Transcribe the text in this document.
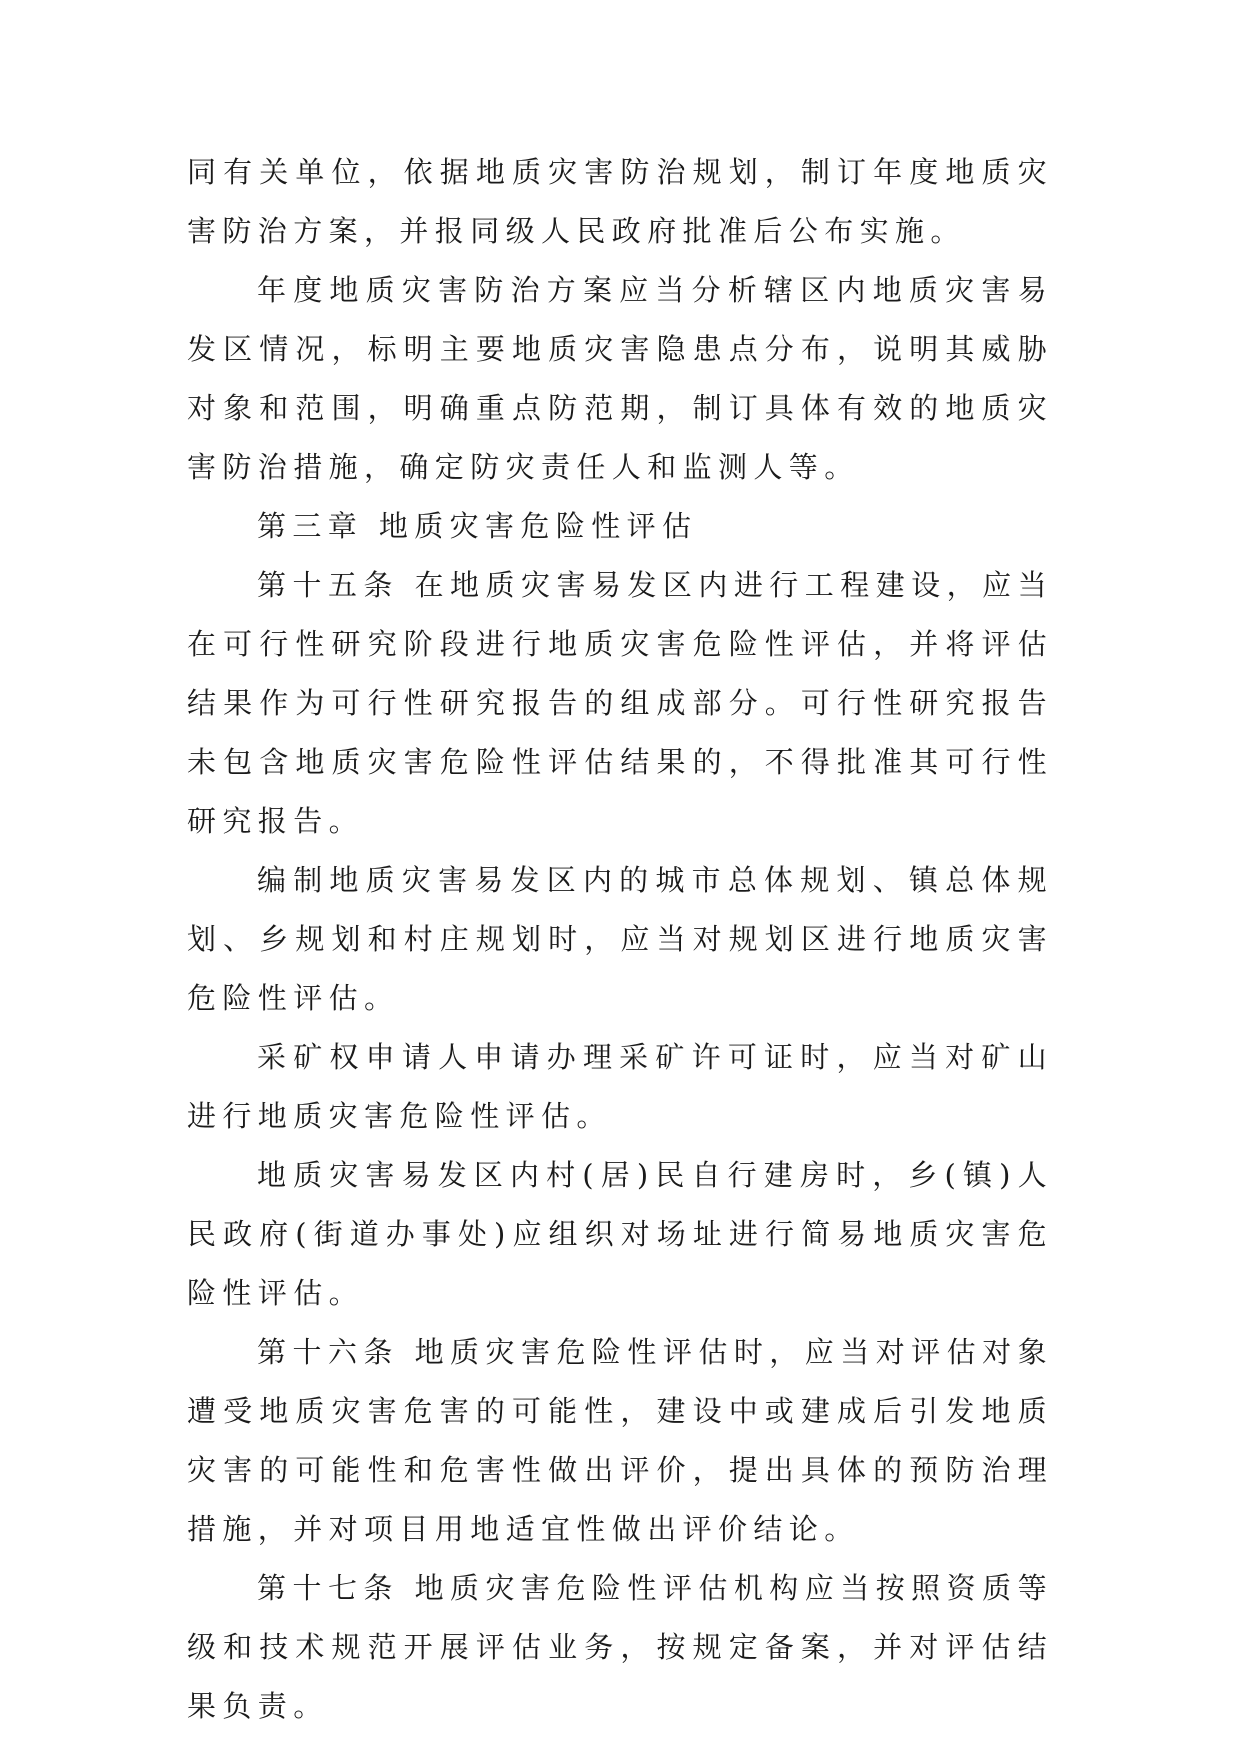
同有关单位，依据地质灾害防治规划，制订年度地质灾害防治方案，并报同级人民政府批准后公布实施。

年度地质灾害防治方案应当分析辖区内地质灾害易发区情况，标明主要地质灾害隐患点分布，说明其威胁对象和范围，明确重点防范期，制订具体有效的地质灾害防治措施，确定防灾责任人和监测人等。

第三章 地质灾害危险性评估

第十五条 在地质灾害易发区内进行工程建设，应当在可行性研究阶段进行地质灾害危险性评估，并将评估结果作为可行性研究报告的组成部分。可行性研究报告未包含地质灾害危险性评估结果的，不得批准其可行性研究报告。

编制地质灾害易发区内的城市总体规划、镇总体规划、乡规划和村庄规划时，应当对规划区进行地质灾害危险性评估。

采矿权申请人申请办理采矿许可证时，应当对矿山进行地质灾害危险性评估。

地质灾害易发区内村(居)民自行建房时，乡(镇)人民政府(街道办事处)应组织对场址进行简易地质灾害危险性评估。

第十六条 地质灾害危险性评估时，应当对评估对象遭受地质灾害危害的可能性，建设中或建成后引发地质灾害的可能性和危害性做出评价，提出具体的预防治理措施，并对项目用地适宜性做出评价结论。

第十七条 地质灾害危险性评估机构应当按照资质等级和技术规范开展评估业务，按规定备案，并对评估结果负责。
